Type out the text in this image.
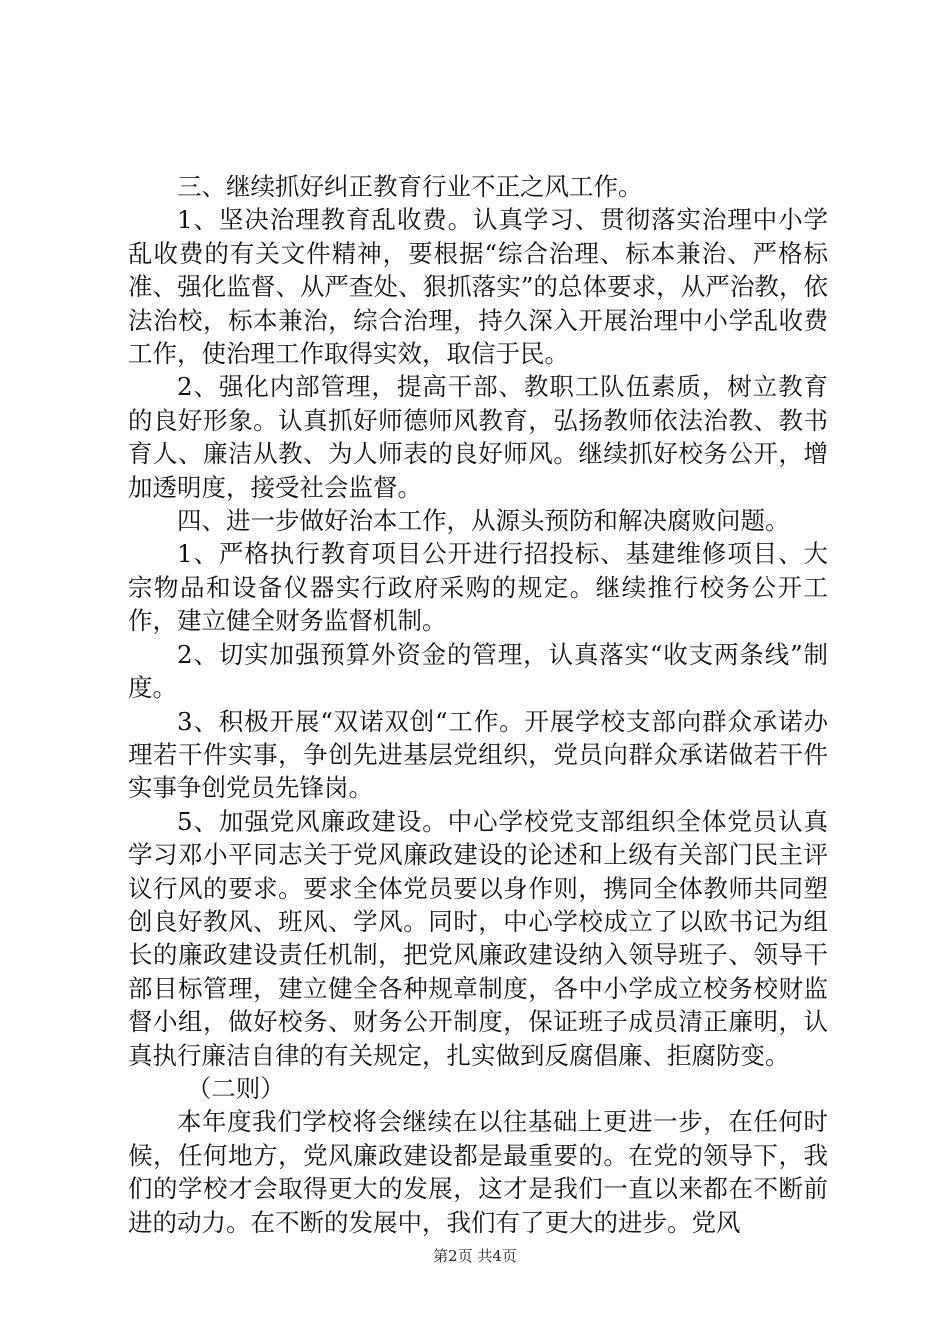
三、继续抓好纠正教育行业不正之风工作。

1、坚决治理教育乱收费。认真学习、贯彻落实治理中小学乱收费的有关文件精神，要根据“综合治理、标本兼治、严格标准、强化监督、从严查处、狠抓落实”的总体要求，从严治教，依法治校，标本兼治，综合治理，持久深入开展治理中小学乱收费工作，使治理工作取得实效，取信于民。

2、强化内部管理，提高干部、教职工队伍素质，树立教育的良好形象。认真抓好师德师风教育，弘扬教师依法治教、教书育人、廉洁从教、为人师表的良好师风。继续抓好校务公开，增加透明度，接受社会监督。

四、进一步做好治本工作，从源头预防和解决腐败问题。

1、严格执行教育项目公开进行招投标、基建维修项目、大宗物品和设备仪器实行政府采购的规定。继续推行校务公开工作，建立健全财务监督机制。

2、切实加强预算外资金的管理，认真落实“收支两条线”制度。

3、积极开展“双诺双创“工作。开展学校支部向群众承诺办理若干件实事，争创先进基层党组织，党员向群众承诺做若干件实事争创党员先锋岗。

5、加强党风廉政建设。中心学校党支部组织全体党员认真学习邓小平同志关于党风廉政建设的论述和上级有关部门民主评议行风的要求。要求全体党员要以身作则，携同全体教师共同塑创良好教风、班风、学风。同时，中心学校成立了以欧书记为组长的廉政建设责任机制，把党风廉政建设纳入领导班子、领导干部目标管理，建立健全各种规章制度，各中小学成立校务校财监督小组，做好校务、财务公开制度，保证班子成员清正廉明，认真执行廉洁自律的有关规定，扎实做到反腐倡廉、拒腐防变。

（二则）

本年度我们学校将会继续在以往基础上更进一步，在任何时候，任何地方，党风廉政建设都是最重要的。在党的领导下，我们的学校才会取得更大的发展，这才是我们一直以来都在不断前进的动力。在不断的发展中，我们有了更大的进步。党风

第2页 共4页
